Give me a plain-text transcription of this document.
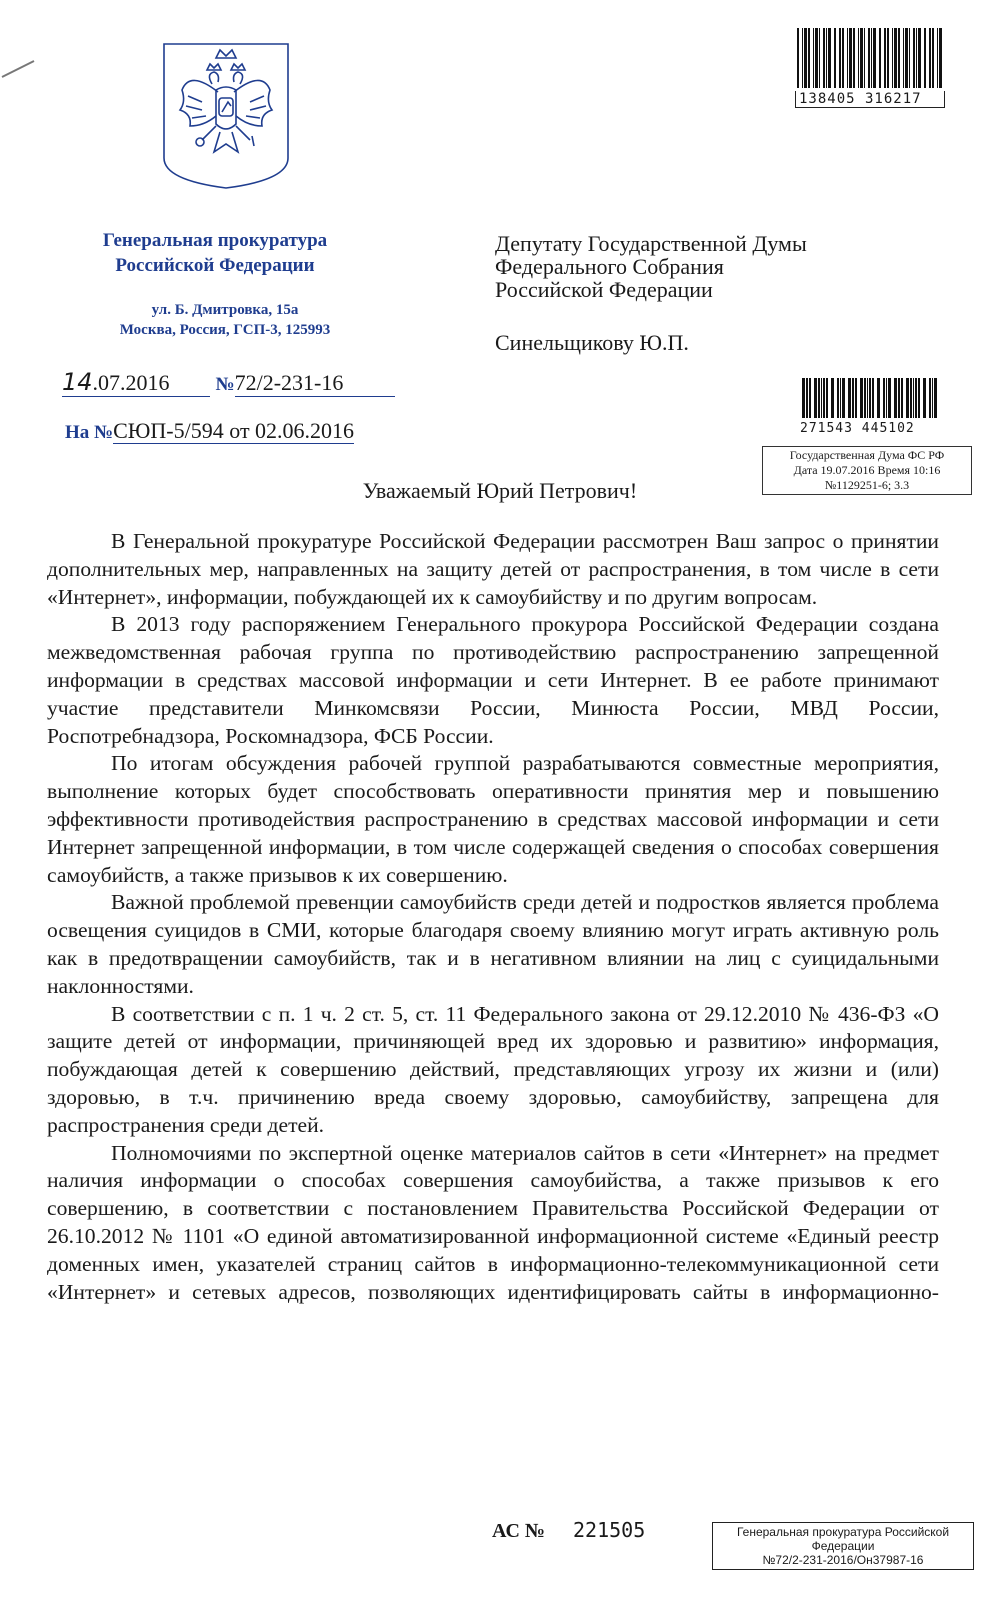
138405 316217
Генеральная прокуратура
Российской Федерации
ул. Б. Дмитровка, 15а
Москва, Россия, ГСП-3, 125993
Депутату Государственной Думы
Федерального Собрания
Российской Федерации
Синельщикову Ю.П.
14.07.2016 №72/2-231-16
На №СЮП-5/594 от 02.06.2016	271543 445102
Государственная Дума ФС РФ
Дата 19.07.2016 Время 10:16
№1129251-6; 3.3
Уважаемый Юрий Петрович!

В Генеральной прокуратуре Российской Федерации рассмотрен Ваш запрос о принятии дополнительных мер, направленных на защиту детей от распространения, в том числе в сети «Интернет», информации, побуждающей их к самоубийству и по другим вопросам.

В 2013 году распоряжением Генерального прокурора Российской Федерации создана межведомственная рабочая группа по противодействию распространению запрещенной информации в средствах массовой информации и сети Интернет. В ее работе принимают участие представители Минкомсвязи России, Минюста России, МВД России, Роспотребнадзора, Роскомнадзора, ФСБ России.

По итогам обсуждения рабочей группой разрабатываются совместные мероприятия, выполнение которых будет способствовать оперативности принятия мер и повышению эффективности противодействия распространению в средствах массовой информации и сети Интернет запрещенной информации, в том числе содержащей сведения о способах совершения самоубийств, а также призывов к их совершению.

Важной проблемой превенции самоубийств среди детей и подростков является проблема освещения суицидов в СМИ, которые благодаря своему влиянию могут играть активную роль как в предотвращении самоубийств, так и в негативном влиянии на лиц с суицидальными наклонностями.

В соответствии с п. 1 ч. 2 ст. 5, ст. 11 Федерального закона от 29.12.2010 № 436-ФЗ «О защите детей от информации, причиняющей вред их здоровью и развитию» информация, побуждающая детей к совершению действий, представляющих угрозу их жизни и (или) здоровью, в т.ч. причинению вреда своему здоровью, самоубийству, запрещена для распространения среди детей.

Полномочиями по экспертной оценке материалов сайтов в сети «Интернет» на предмет наличия информации о способах совершения самоубийства, а также призывов к его совершению, в соответствии с постановлением Правительства Российской Федерации от 26.10.2012 № 1101 «О единой автоматизированной информационной системе «Единый реестр доменных имен, указателей страниц сайтов в информационно-телекоммуникационной сети «Интернет» и сетевых адресов, позволяющих идентифицировать сайты в информационно-

АС № 221505	Генеральная прокуратура Российской
Федерации
№72/2-231-2016/Он37987-16
